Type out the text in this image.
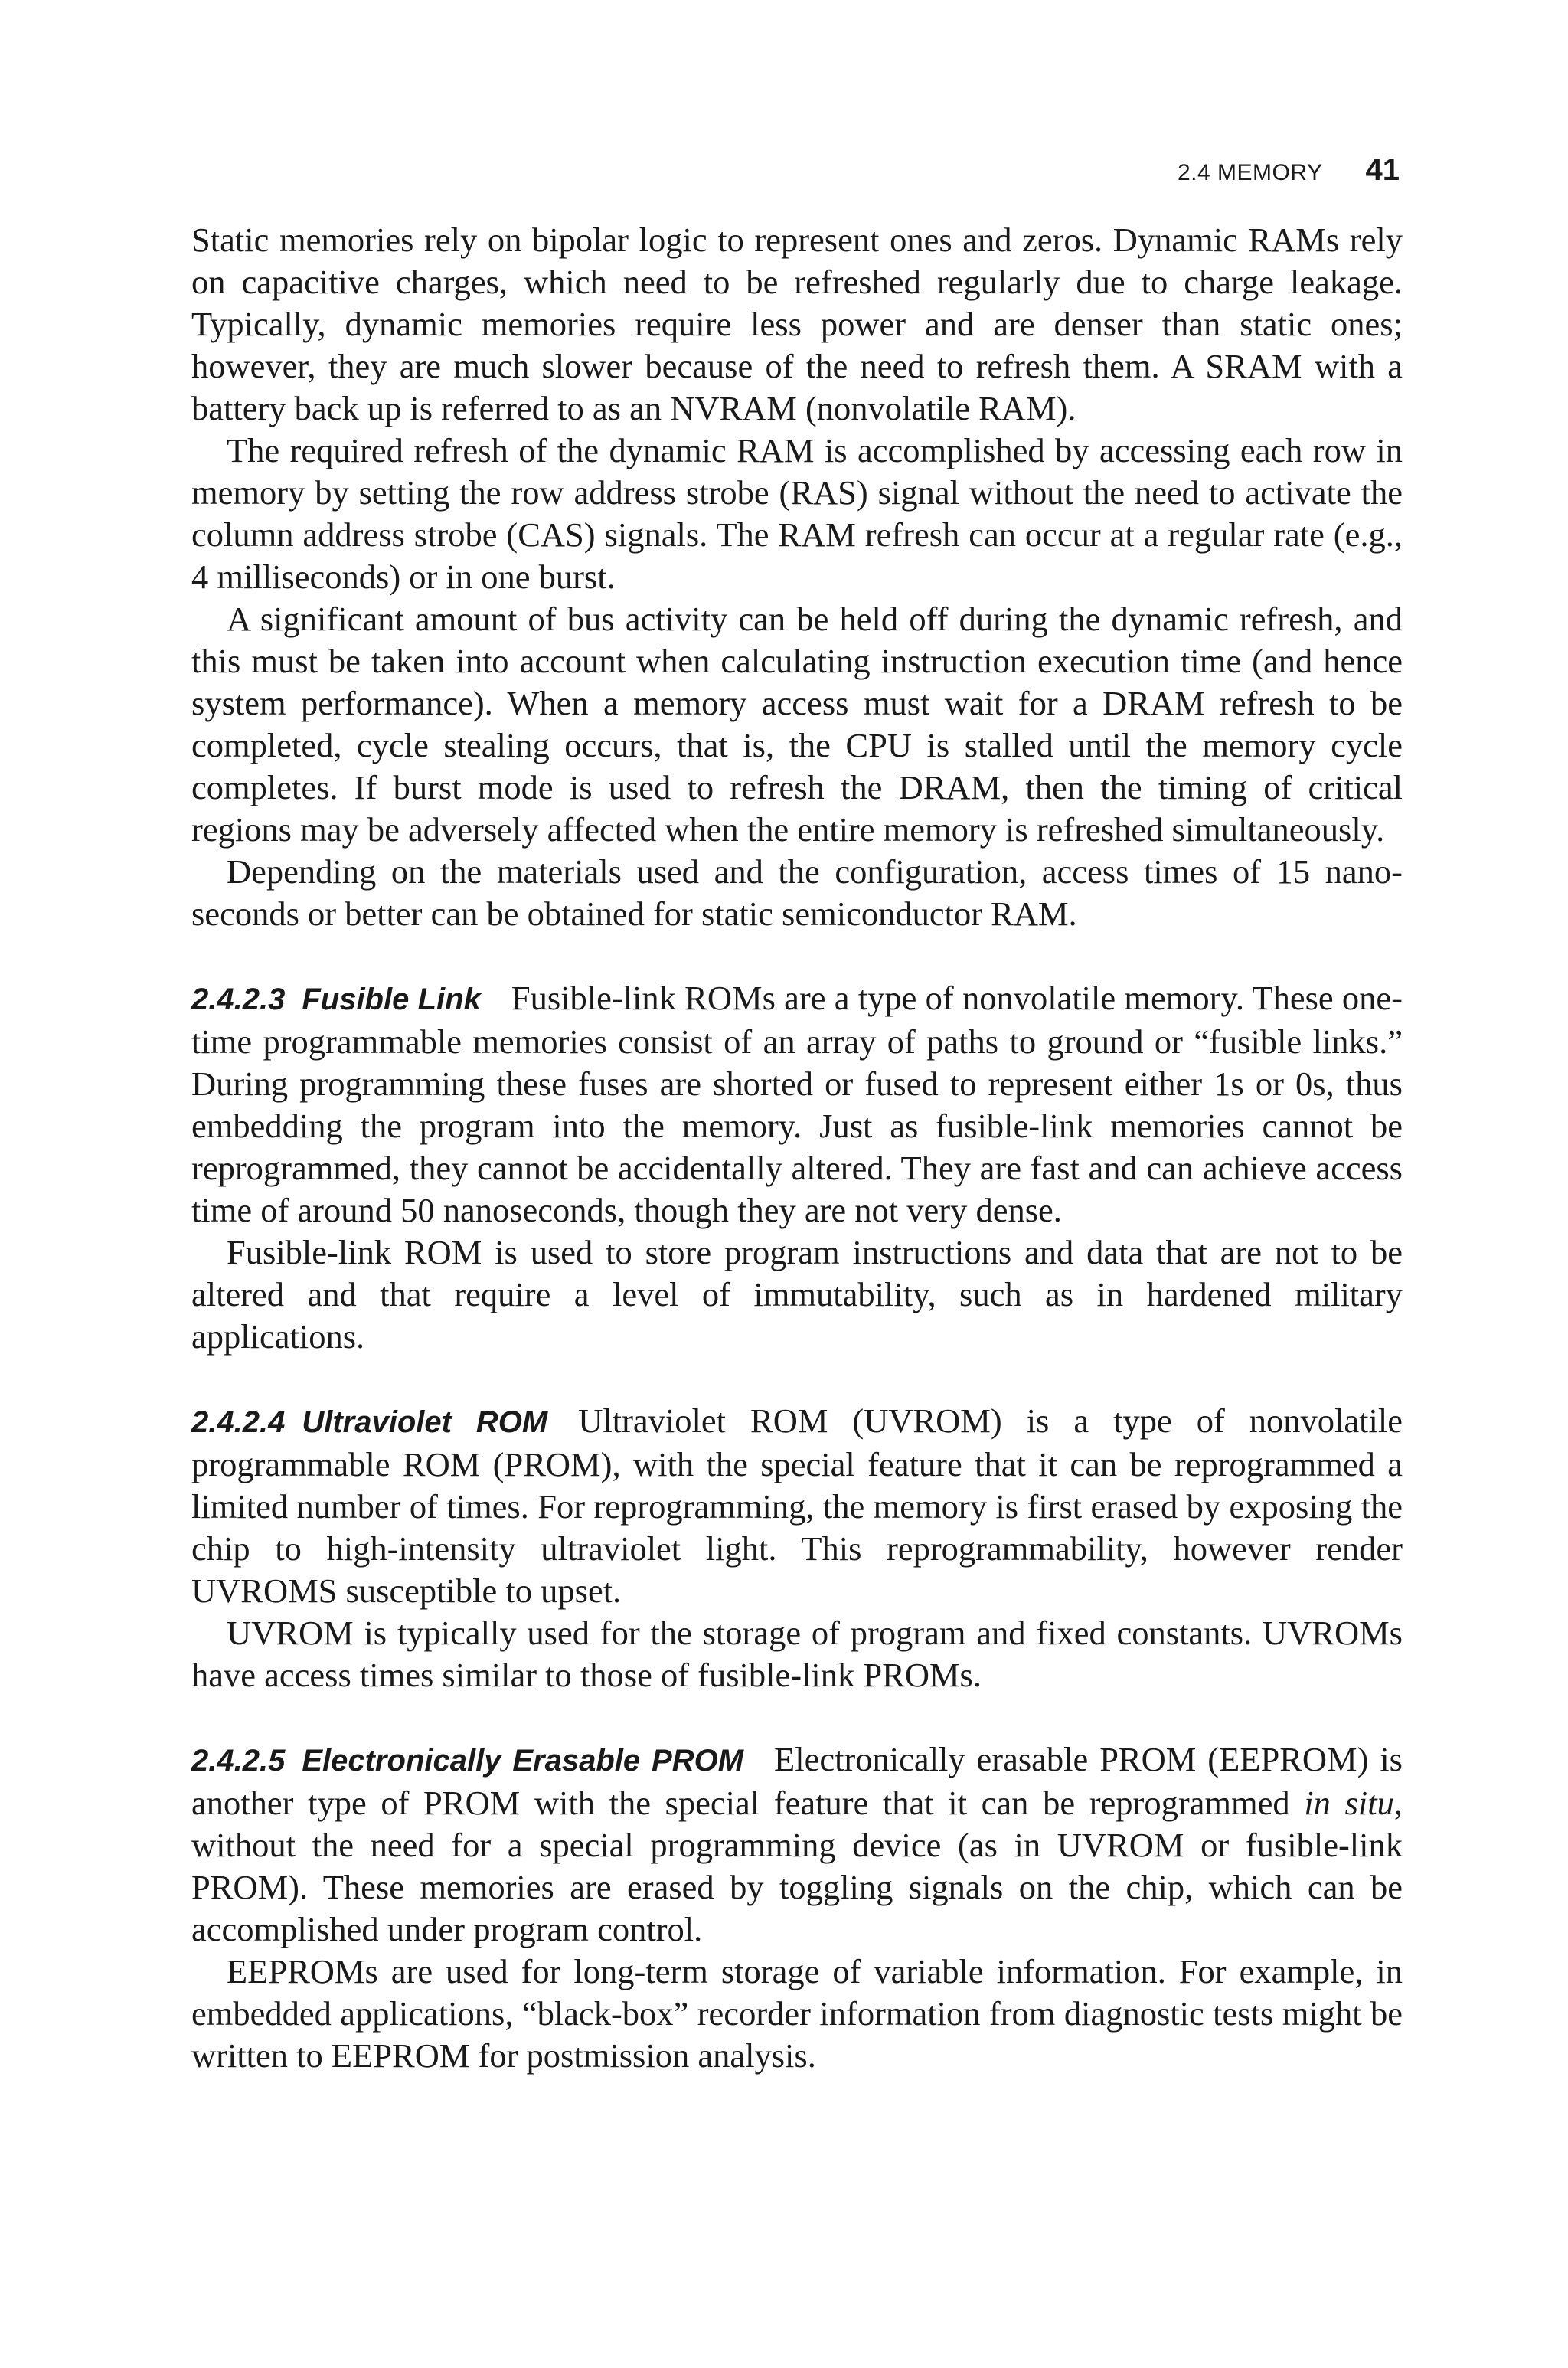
2.4 MEMORY 41

Static memories rely on bipolar logic to represent ones and zeros. Dynamic RAMs rely on capacitive charges, which need to be refreshed regularly due to charge leakage. Typically, dynamic memories require less power and are denser than static ones; however, they are much slower because of the need to refresh them. A SRAM with a battery back up is referred to as an NVRAM (nonvolatile RAM).

The required refresh of the dynamic RAM is accomplished by accessing each row in memory by setting the row address strobe (RAS) signal without the need to activate the column address strobe (CAS) signals. The RAM refresh can occur at a regular rate (e.g., 4 milliseconds) or in one burst.

A significant amount of bus activity can be held off during the dynamic refresh, and this must be taken into account when calculating instruction execution time (and hence system performance). When a memory access must wait for a DRAM refresh to be completed, cycle stealing occurs, that is, the CPU is stalled until the memory cycle completes. If burst mode is used to refresh the DRAM, then the timing of critical regions may be adversely affected when the entire memory is refreshed simultaneously.

Depending on the materials used and the configuration, access times of 15 nanoseconds or better can be obtained for static semiconductor RAM.

2.4.2.3 Fusible Link Fusible-link ROMs are a type of nonvolatile memory. These one-time programmable memories consist of an array of paths to ground or “fusible links.” During programming these fuses are shorted or fused to represent either 1s or 0s, thus embedding the program into the memory. Just as fusible-link memories cannot be reprogrammed, they cannot be accidentally altered. They are fast and can achieve access time of around 50 nanoseconds, though they are not very dense.

Fusible-link ROM is used to store program instructions and data that are not to be altered and that require a level of immutability, such as in hardened military applications.

2.4.2.4 Ultraviolet ROM Ultraviolet ROM (UVROM) is a type of nonvolatile programmable ROM (PROM), with the special feature that it can be reprogrammed a limited number of times. For reprogramming, the memory is first erased by exposing the chip to high-intensity ultraviolet light. This reprogrammability, however render UVROMS susceptible to upset.

UVROM is typically used for the storage of program and fixed constants. UVROMs have access times similar to those of fusible-link PROMs.

2.4.2.5 Electronically Erasable PROM Electronically erasable PROM (EEPROM) is another type of PROM with the special feature that it can be reprogrammed in situ, without the need for a special programming device (as in UVROM or fusible-link PROM). These memories are erased by toggling signals on the chip, which can be accomplished under program control.

EEPROMs are used for long-term storage of variable information. For example, in embedded applications, “black-box” recorder information from diagnostic tests might be written to EEPROM for postmission analysis.
